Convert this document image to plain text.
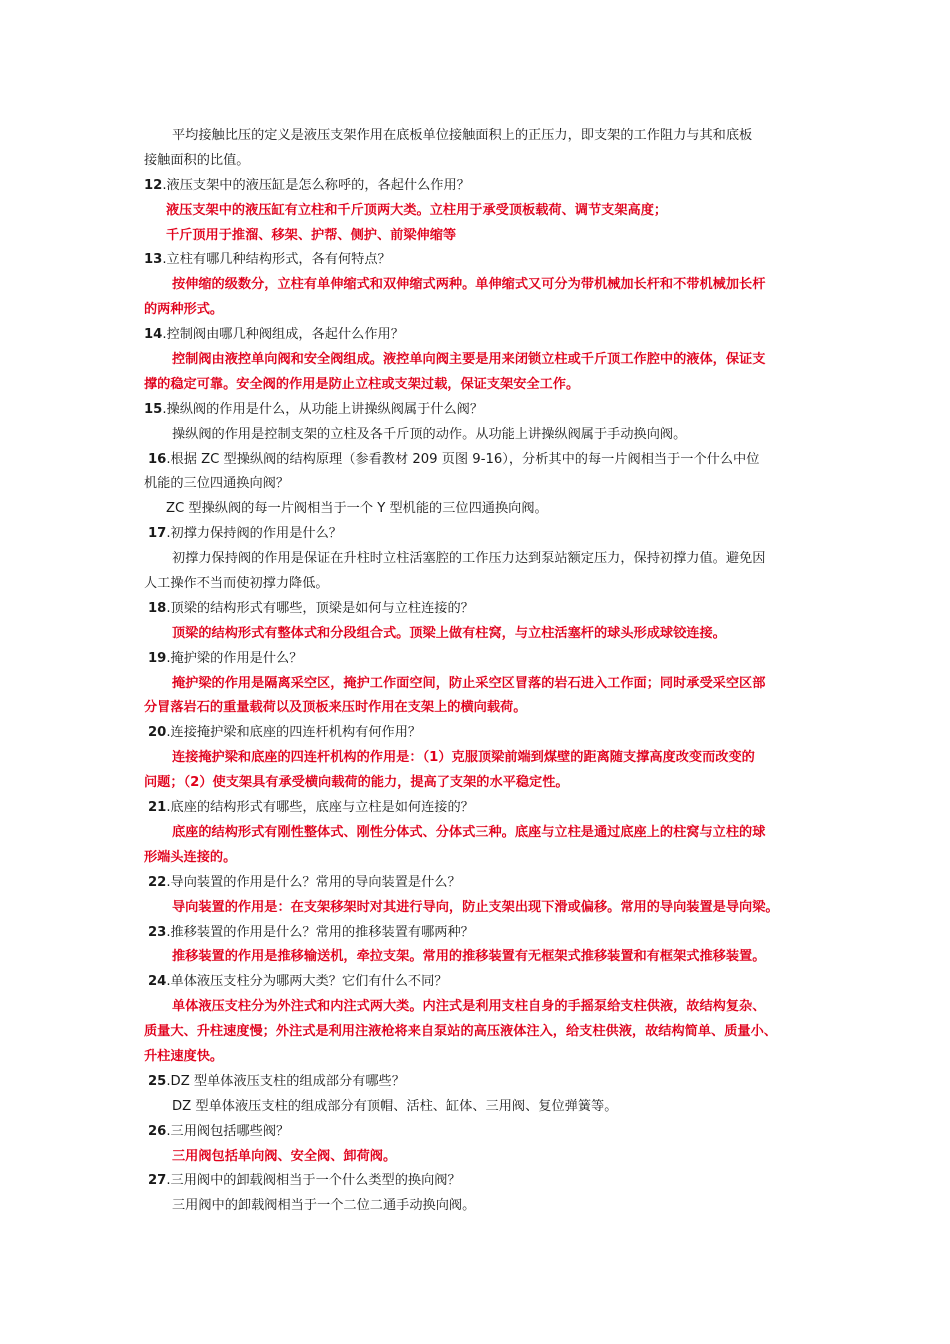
平均接触比压的定义是液压支架作用在底板单位接触面积上的正压力，即支架的工作阻力与其和底板
接触面积的比值。
12.液压支架中的液压缸是怎么称呼的，各起什么作用？
液压支架中的液压缸有立柱和千斤顶两大类。立柱用于承受顶板载荷、调节支架高度；
千斤顶用于推溜、移架、护帮、侧护、前梁伸缩等
13.立柱有哪几种结构形式，各有何特点？
按伸缩的级数分，立柱有单伸缩式和双伸缩式两种。单伸缩式又可分为带机械加长杆和不带机械加长杆
的两种形式。
14.控制阀由哪几种阀组成，各起什么作用？
控制阀由液控单向阀和安全阀组成。液控单向阀主要是用来闭锁立柱或千斤顶工作腔中的液体，保证支
撑的稳定可靠。安全阀的作用是防止立柱或支架过载，保证支架安全工作。
15.操纵阀的作用是什么，从功能上讲操纵阀属于什么阀？
操纵阀的作用是控制支架的立柱及各千斤顶的动作。从功能上讲操纵阀属于手动换向阀。
16.根据 ZC 型操纵阀的结构原理（参看教材 209 页图 9-16），分析其中的每一片阀相当于一个什么中位
机能的三位四通换向阀？
ZC 型操纵阀的每一片阀相当于一个 Y 型机能的三位四通换向阀。
17.初撑力保持阀的作用是什么？
初撑力保持阀的作用是保证在升柱时立柱活塞腔的工作压力达到泵站额定压力，保持初撑力值。避免因
人工操作不当而使初撑力降低。
18.顶梁的结构形式有哪些，顶梁是如何与立柱连接的？
顶梁的结构形式有整体式和分段组合式。顶梁上做有柱窝，与立柱活塞杆的球头形成球铰连接。
19.掩护梁的作用是什么？
掩护梁的作用是隔离采空区，掩护工作面空间，防止采空区冒落的岩石进入工作面；同时承受采空区部
分冒落岩石的重量载荷以及顶板来压时作用在支架上的横向载荷。
20.连接掩护梁和底座的四连杆机构有何作用？
连接掩护梁和底座的四连杆机构的作用是：（1）克服顶梁前端到煤壁的距离随支撑高度改变而改变的
问题；（2）使支架具有承受横向载荷的能力，提高了支架的水平稳定性。
21.底座的结构形式有哪些，底座与立柱是如何连接的？
底座的结构形式有刚性整体式、刚性分体式、分体式三种。底座与立柱是通过底座上的柱窝与立柱的球
形端头连接的。
22.导向装置的作用是什么？常用的导向装置是什么？
导向装置的作用是：在支架移架时对其进行导向，防止支架出现下滑或偏移。常用的导向装置是导向梁。
23.推移装置的作用是什么？常用的推移装置有哪两种？
推移装置的作用是推移输送机，牵拉支架。常用的推移装置有无框架式推移装置和有框架式推移装置。
24.单体液压支柱分为哪两大类？它们有什么不同？
单体液压支柱分为外注式和内注式两大类。内注式是利用支柱自身的手摇泵给支柱供液，故结构复杂、
质量大、升柱速度慢；外注式是利用注液枪将来自泵站的高压液体注入，给支柱供液，故结构简单、质量小、
升柱速度快。
25.DZ 型单体液压支柱的组成部分有哪些？
DZ 型单体液压支柱的组成部分有顶帽、活柱、缸体、三用阀、复位弹簧等。
26.三用阀包括哪些阀？
三用阀包括单向阀、安全阀、卸荷阀。
27.三用阀中的卸载阀相当于一个什么类型的换向阀？
三用阀中的卸载阀相当于一个二位二通手动换向阀。
